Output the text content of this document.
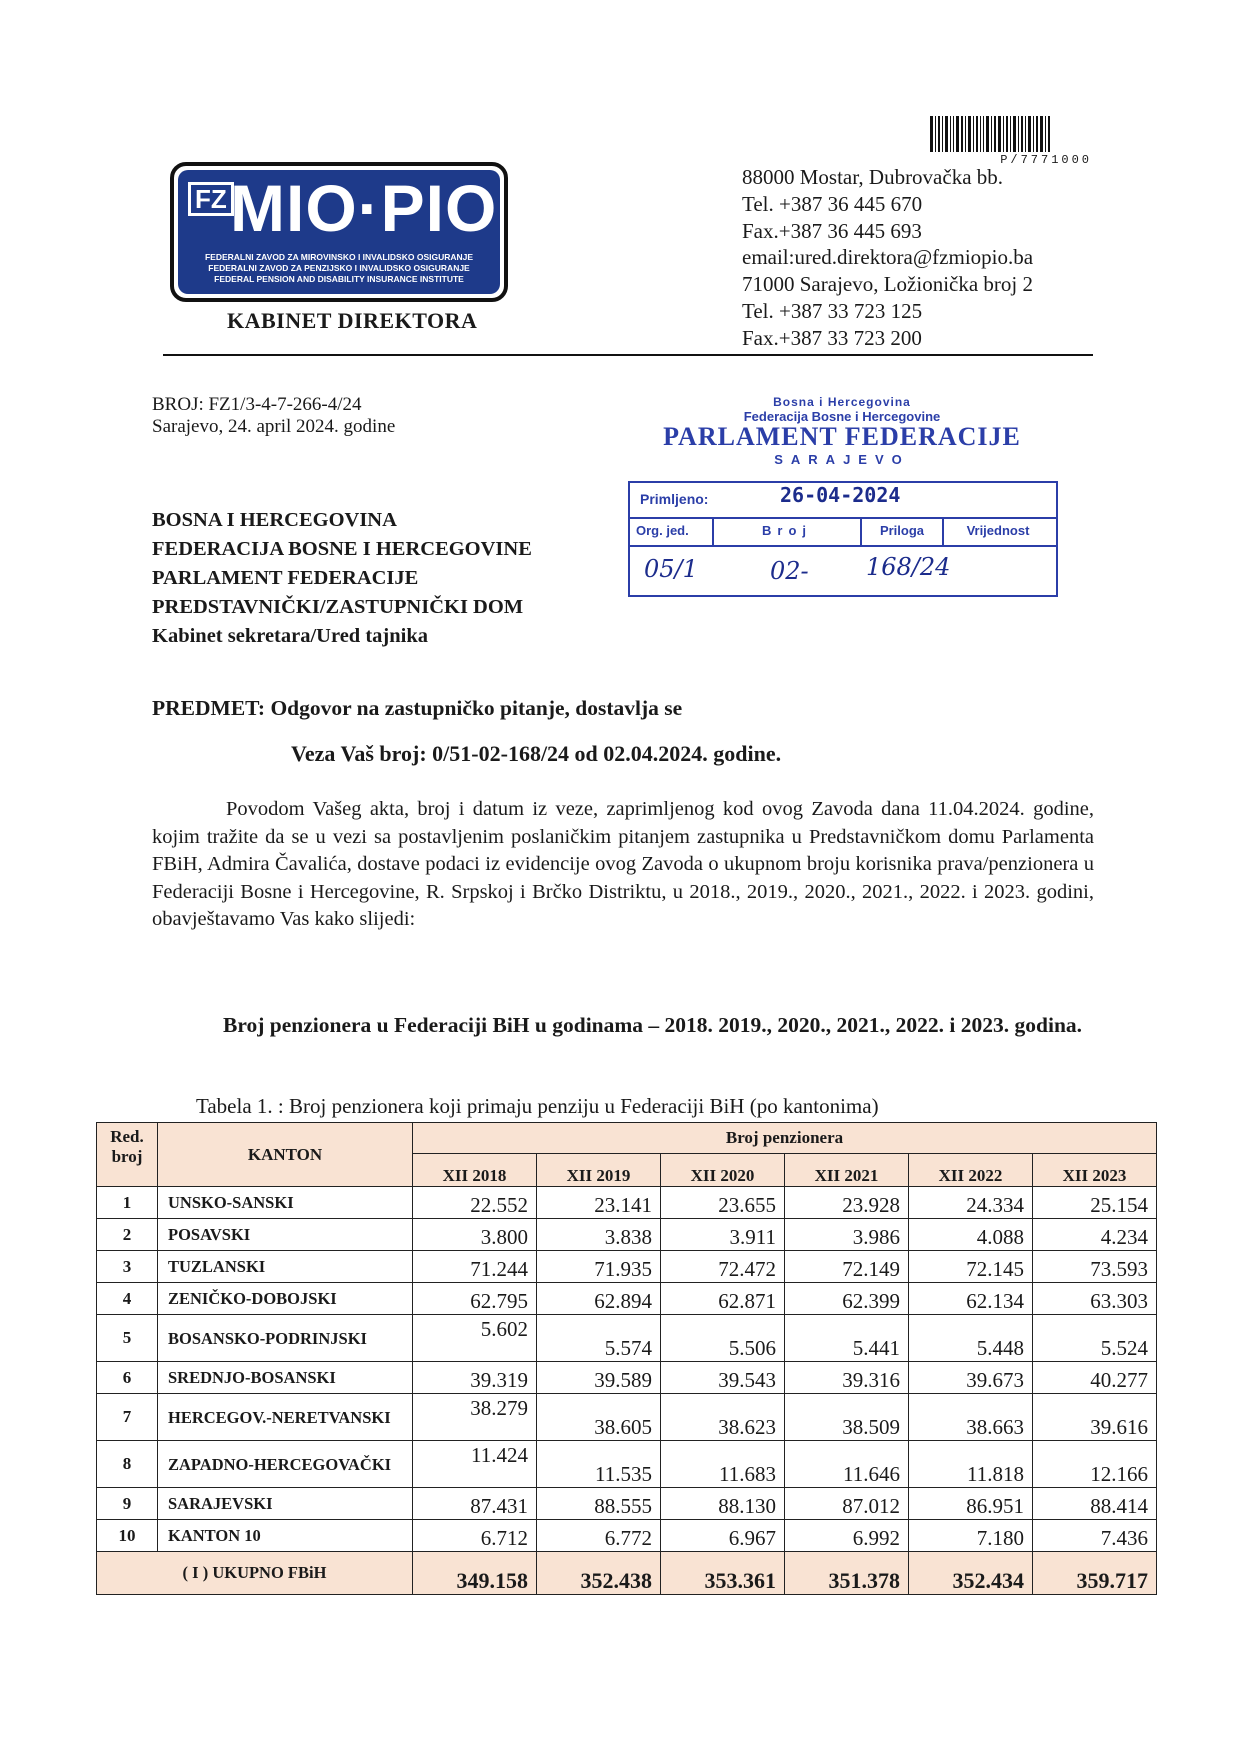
P/7771000
FZ MIO·PIO
FEDERALNI ZAVOD ZA MIROVINSKO I INVALIDSKO OSIGURANJE
FEDERALNI ZAVOD ZA PENZIJSKO I INVALIDSKO OSIGURANJE
FEDERAL PENSION AND DISABILITY INSURANCE INSTITUTE
KABINET DIREKTORA
88000 Mostar, Dubrovačka bb.
Tel. +387 36 445 670
Fax.+387 36 445 693
email:ured.direktora@fzmiopio.ba
71000 Sarajevo, Ložionička broj 2
Tel. +387 33 723 125
Fax.+387 33 723 200
BROJ: FZ1/3-4-7-266-4/24
Sarajevo, 24. april 2024. godine
Bosna i Hercegovina
Federacija Bosne i Hercegovine
PARLAMENT FEDERACIJE
SARAJEVO
Primljeno:	26-04-2024
Org. jed.	Broj	Priloga	Vrijednost
05/1	02- 168/24
BOSNA I HERCEGOVINA
FEDERACIJA BOSNE I HERCEGOVINE
PARLAMENT FEDERACIJE
PREDSTAVNIČKI/ZASTUPNIČKI DOM
Kabinet sekretara/Ured tajnika
PREDMET: Odgovor na zastupničko pitanje, dostavlja se
Veza Vaš broj: 0/51-02-168/24 od 02.04.2024. godine.

Povodom Vašeg akta, broj i datum iz veze, zaprimljenog kod ovog Zavoda dana 11.04.2024. godine, kojim tražite da se u vezi sa postavljenim poslaničkim pitanjem zastupnika u Predstavničkom domu Parlamenta FBiH, Admira Čavalića, dostave podaci iz evidencije ovog Zavoda o ukupnom broju korisnika prava/penzionera u Federaciji Bosne i Hercegovine, R. Srpskoj i Brčko Distriktu, u 2018., 2019., 2020., 2021., 2022. i 2023. godini, obavještavamo Vas kako slijedi:

Broj penzionera u Federaciji BiH u godinama – 2018. 2019., 2020., 2021., 2022. i 2023. godina.

Tabela 1. : Broj penzionera koji primaju penziju u Federaciji BiH (po kantonima)
Red. broj	KANTON	Broj penzionera					
		XII 2018	XII 2019	XII 2020	XII 2021	XII 2022	XII 2023
1	UNSKO-SANSKI	22.552	23.141	23.655	23.928	24.334	25.154
2	POSAVSKI	3.800	3.838	3.911	3.986	4.088	4.234
3	TUZLANSKI	71.244	71.935	72.472	72.149	72.145	73.593
4	ZENIČKO-DOBOJSKI	62.795	62.894	62.871	62.399	62.134	63.303
5	BOSANSKO-PODRINJSKI	5.602	5.574	5.506	5.441	5.448	5.524
6	SREDNJO-BOSANSKI	39.319	39.589	39.543	39.316	39.673	40.277
7	HERCEGOV.-NERETVANSKI	38.279	38.605	38.623	38.509	38.663	39.616
8	ZAPADNO-HERCEGOVAČKI	11.424	11.535	11.683	11.646	11.818	12.166
9	SARAJEVSKI	87.431	88.555	88.130	87.012	86.951	88.414
10	KANTON 10	6.712	6.772	6.967	6.992	7.180	7.436
( I ) UKUPNO FBiH		349.158	352.438	353.361	351.378	352.434	359.717
